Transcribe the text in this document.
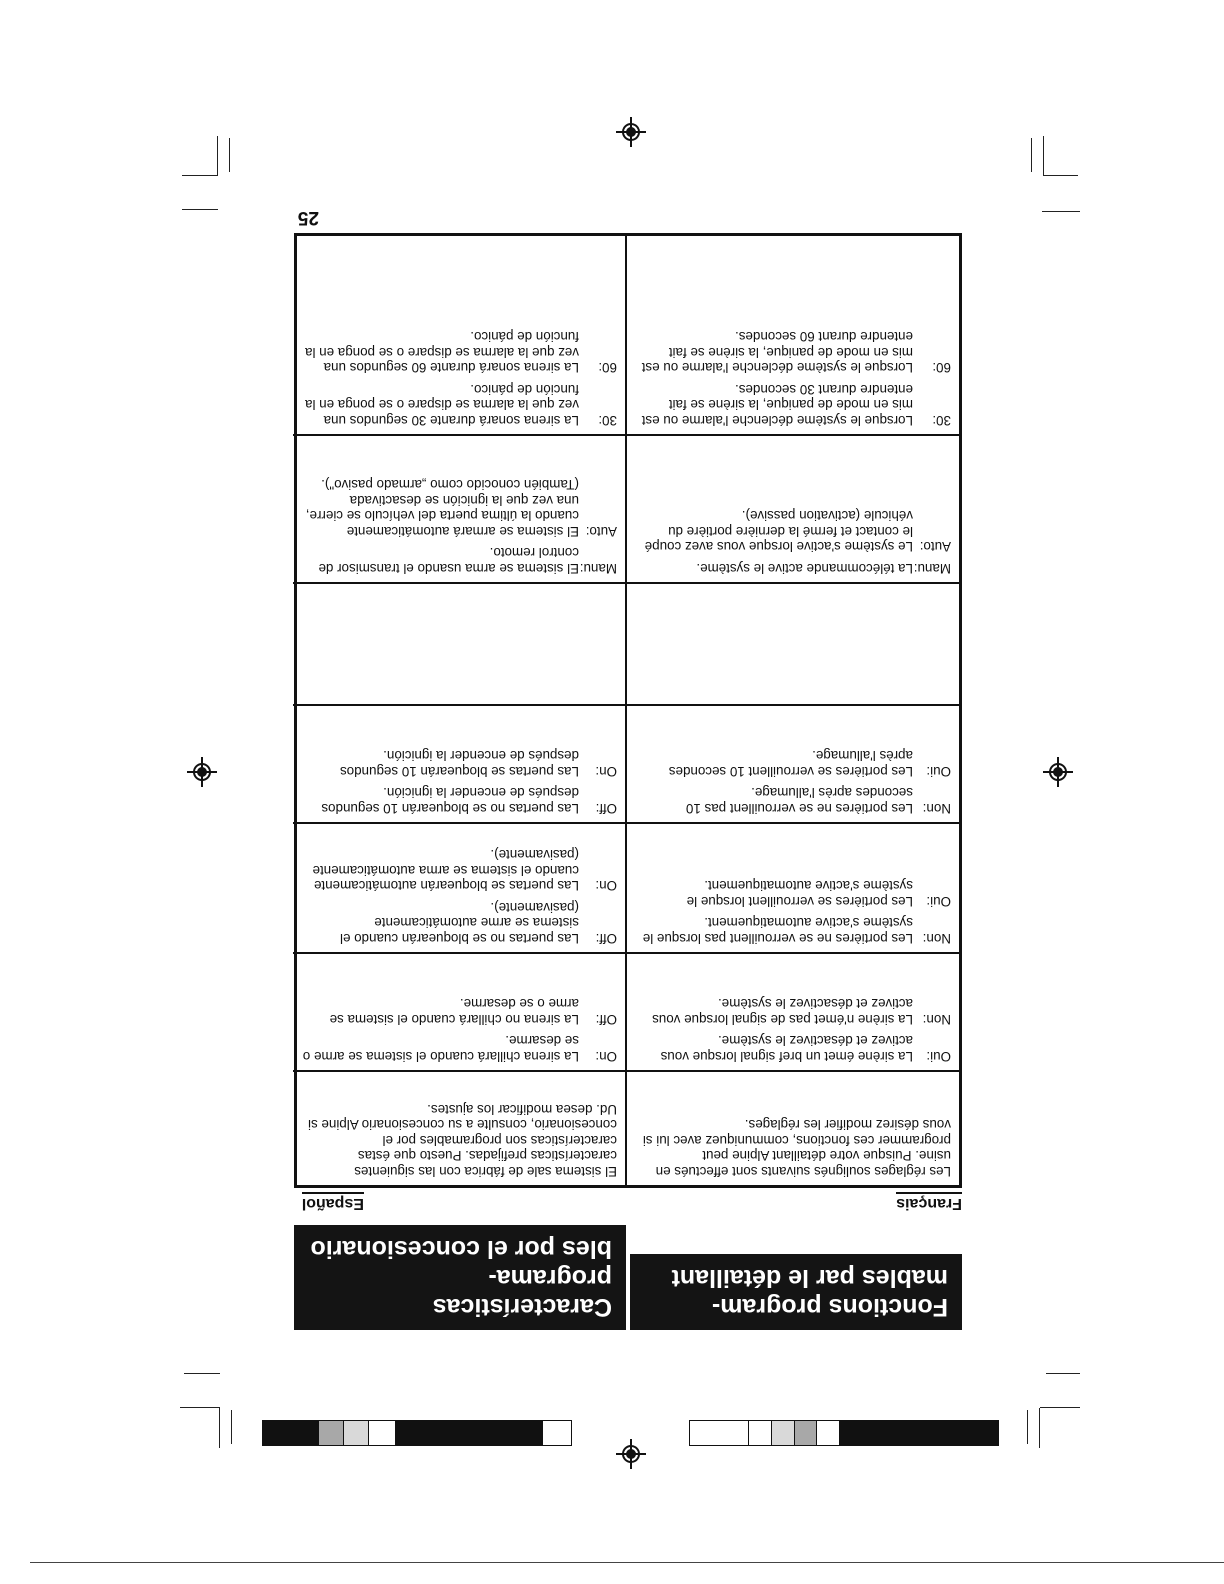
Fonctions program-
mables par le détaillant
Características programa-
bles por el concesionario
Français
Español

Les réglages soulignés suivants sont effectués en usine. Puisque votre détaillant Alpine peut programmer ces fonctions, communiquez avec lui si vous désirez modifier les réglages.

Oui:
La sirène émet un bref signal lorsque vous activez et désactivez le système.
Non:
La sirène n'émet pas de signal lorsque vous activez et désactivez le système.
Non:
Les portières ne se verrouillent pas lorsque le système s'active automatiquement.
Oui:
Les portières se verrouillent lorsque le système s'active automatiquement.
Non:
Les portières ne se verrouillent pas 10 secondes après l'allumage.
Oui:
Les portières se verrouillent 10 secondes après l'allumage.
Manu:
La télécommande active le système.
Auto:
Le système s'active lorsque vous avez coupé le contact et fermé la dernière portière du véhicule (activation passive).
30:
Lorsque le système déclenche l'alarme ou est mis en mode de panique, la sirène se fait entendre durant 30 secondes.
60:
Lorsque le système déclenche l'alarme ou est mis en mode de panique, la sirène se fait entendre durant 60 secondes.

El sistema sale de fábrica con las siguientes características prefijadas. Puesto que éstas características son programables por el concesionario, consulte a su concesionario Alpine si Ud. desea modificar los ajustes.

On:
La sirena chillará cuando el sistema se arme o se desarme.
Off:
La sirena no chillará cuando el sistema se arme o se desarme.
Off:
Las puertas no se bloquearán cuando el sistema se arme automáticamente (pasivamente).
On:
Las puertas se bloquearán automáticamente cuando el sistema se arma automáticamente (pasivamente).
Off:
Las puertas no se bloquearán 10 segundos después de encender la ignición.
On:
Las puertas se bloquearán 10 segundos después de encender la ignición.
Manu:
El sistema se arma usando el transmisor de control remoto.
Auto:
El sistema se armará automáticamente cuando la última puerta del vehículo se cierre, una vez que la ignición se desactivada (También conocido como „armado pasivo").
30:
La sirena sonará durante 30 segundos una vez que la alarma se dispare o se ponga en la función de pánico.
60:
La sirena sonará durante 60 segundos una vez que la alarma se dispare o se ponga en la función de pánico.
25
